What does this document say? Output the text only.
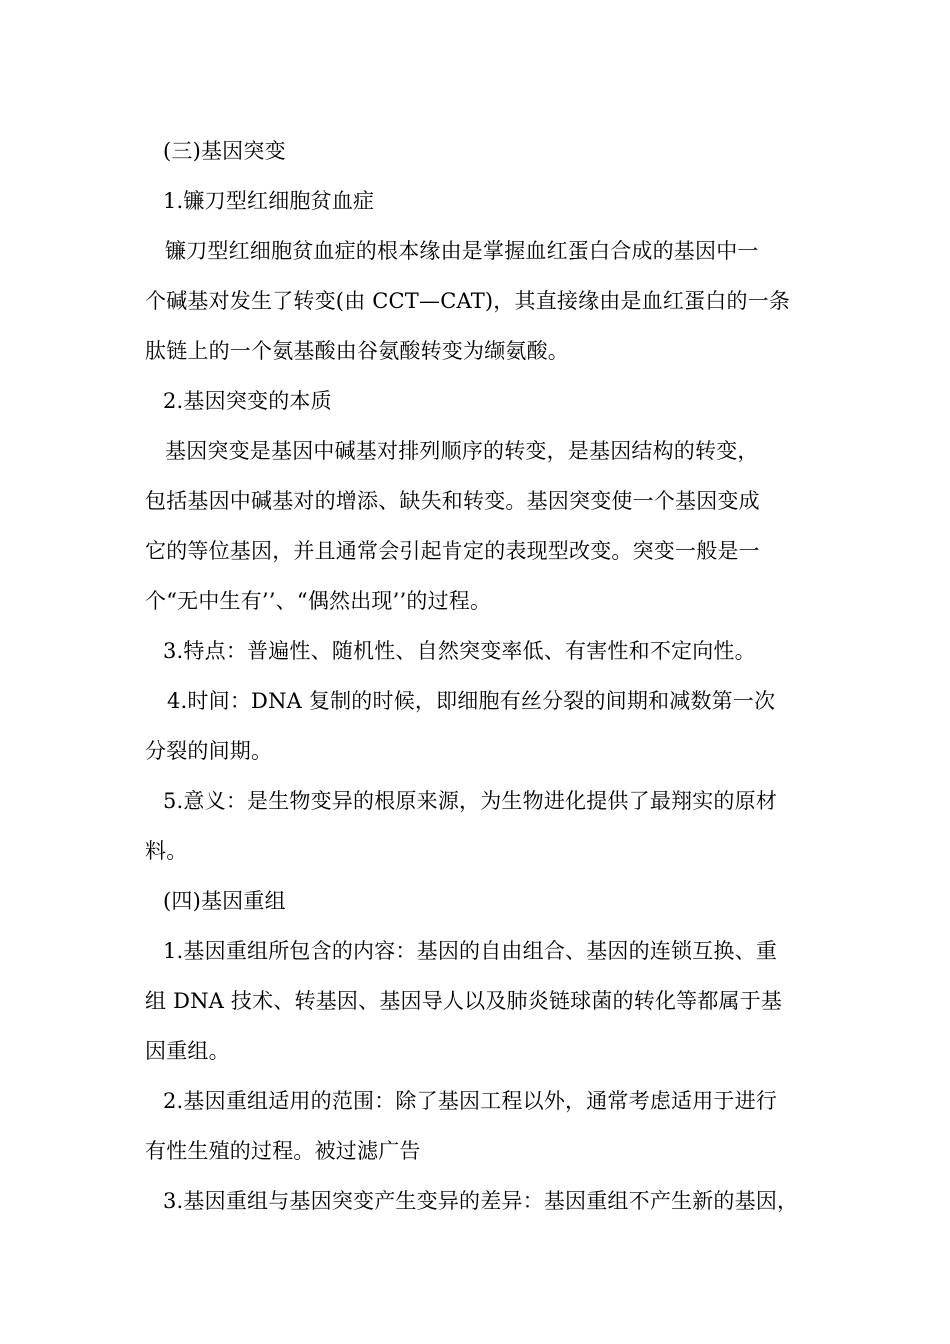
(三)基因突变
1.镰刀型红细胞贫血症
镰刀型红细胞贫血症的根本缘由是掌握血红蛋白合成的基因中一
个碱基对发生了转变(由 CCT—CAT)，其直接缘由是血红蛋白的一条
肽链上的一个氨基酸由谷氨酸转变为缬氨酸。
2.基因突变的本质
基因突变是基因中碱基对排列顺序的转变，是基因结构的转变，
包括基因中碱基对的增添、缺失和转变。基因突变使一个基因变成
它的等位基因，并且通常会引起肯定的表现型改变。突变一般是一
个“无中生有’’、“偶然出现’’的过程。
3.特点：普遍性、随机性、自然突变率低、有害性和不定向性。
4.时间：DNA 复制的时候，即细胞有丝分裂的间期和减数第一次
分裂的间期。
5.意义：是生物变异的根原来源，为生物进化提供了最翔实的原材
料。
(四)基因重组
1.基因重组所包含的内容：基因的自由组合、基因的连锁互换、重
组 DNA 技术、转基因、基因导人以及肺炎链球菌的转化等都属于基
因重组。
2.基因重组适用的范围：除了基因工程以外，通常考虑适用于进行
有性生殖的过程。被过滤广告
3.基因重组与基因突变产生变异的差异：基因重组不产生新的基因，
